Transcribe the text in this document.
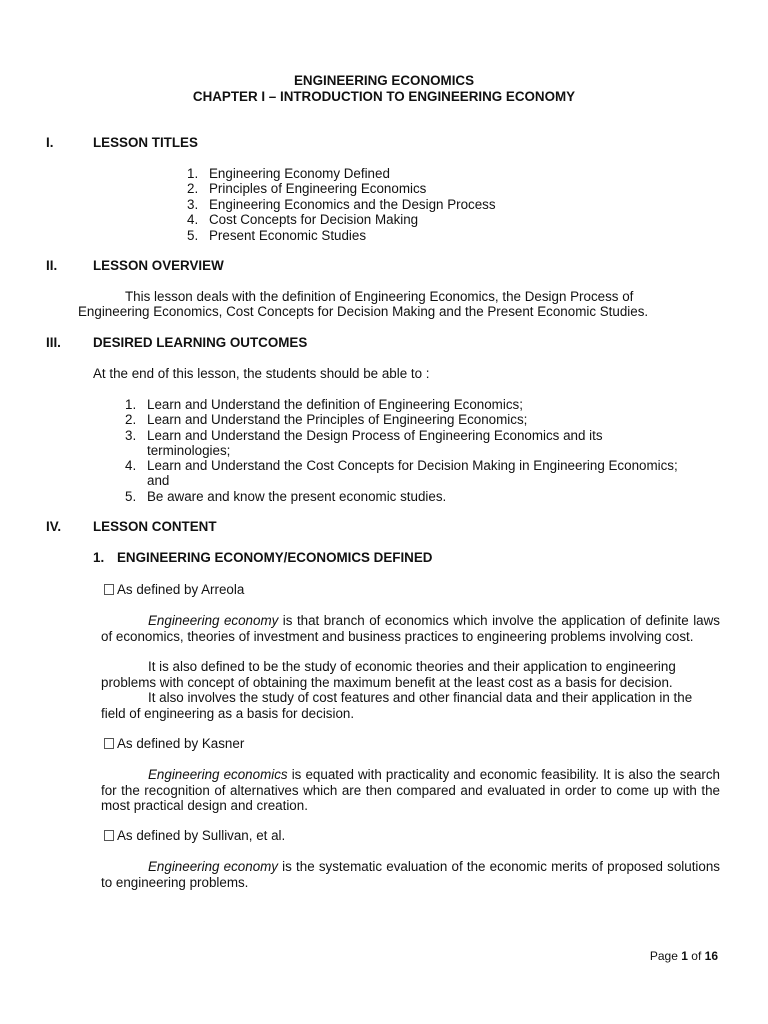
ENGINEERING ECONOMICS
CHAPTER I – INTRODUCTION TO ENGINEERING ECONOMY
I.	LESSON TITLES
1. Engineering Economy Defined
2. Principles of Engineering Economics
3. Engineering Economics and the Design Process
4. Cost Concepts for Decision Making
5. Present Economic Studies
II.	LESSON OVERVIEW
This lesson deals with the definition of Engineering Economics, the Design Process of
Engineering Economics, Cost Concepts for Decision Making and the Present Economic Studies.
III. DESIRED LEARNING OUTCOMES
At the end of this lesson, the students should be able to :
1. Learn and Understand the definition of Engineering Economics;
2. Learn and Understand the Principles of Engineering Economics;
3. Learn and Understand the Design Process of Engineering Economics and its
terminologies;
4. Learn and Understand the Cost Concepts for Decision Making in Engineering Economics;
and
5. Be aware and know the present economic studies.
IV. LESSON CONTENT
1. ENGINEERING ECONOMY/ECONOMICS DEFINED
As defined by Arreola
Engineering economy is that branch of economics which involve the application of definite laws of economics, theories of investment and business practices to engineering problems involving cost.
It is also defined to be the study of economic theories and their application to engineering problems with concept of obtaining the maximum benefit at the least cost as a basis for decision.
It also involves the study of cost features and other financial data and their application in the field of engineering as a basis for decision.
As defined by Kasner
Engineering economics is equated with practicality and economic feasibility. It is also the search for the recognition of alternatives which are then compared and evaluated in order to come up with the most practical design and creation.
As defined by Sullivan, et al.
Engineering economy is the systematic evaluation of the economic merits of proposed solutions to engineering problems.
Page 1 of 16
